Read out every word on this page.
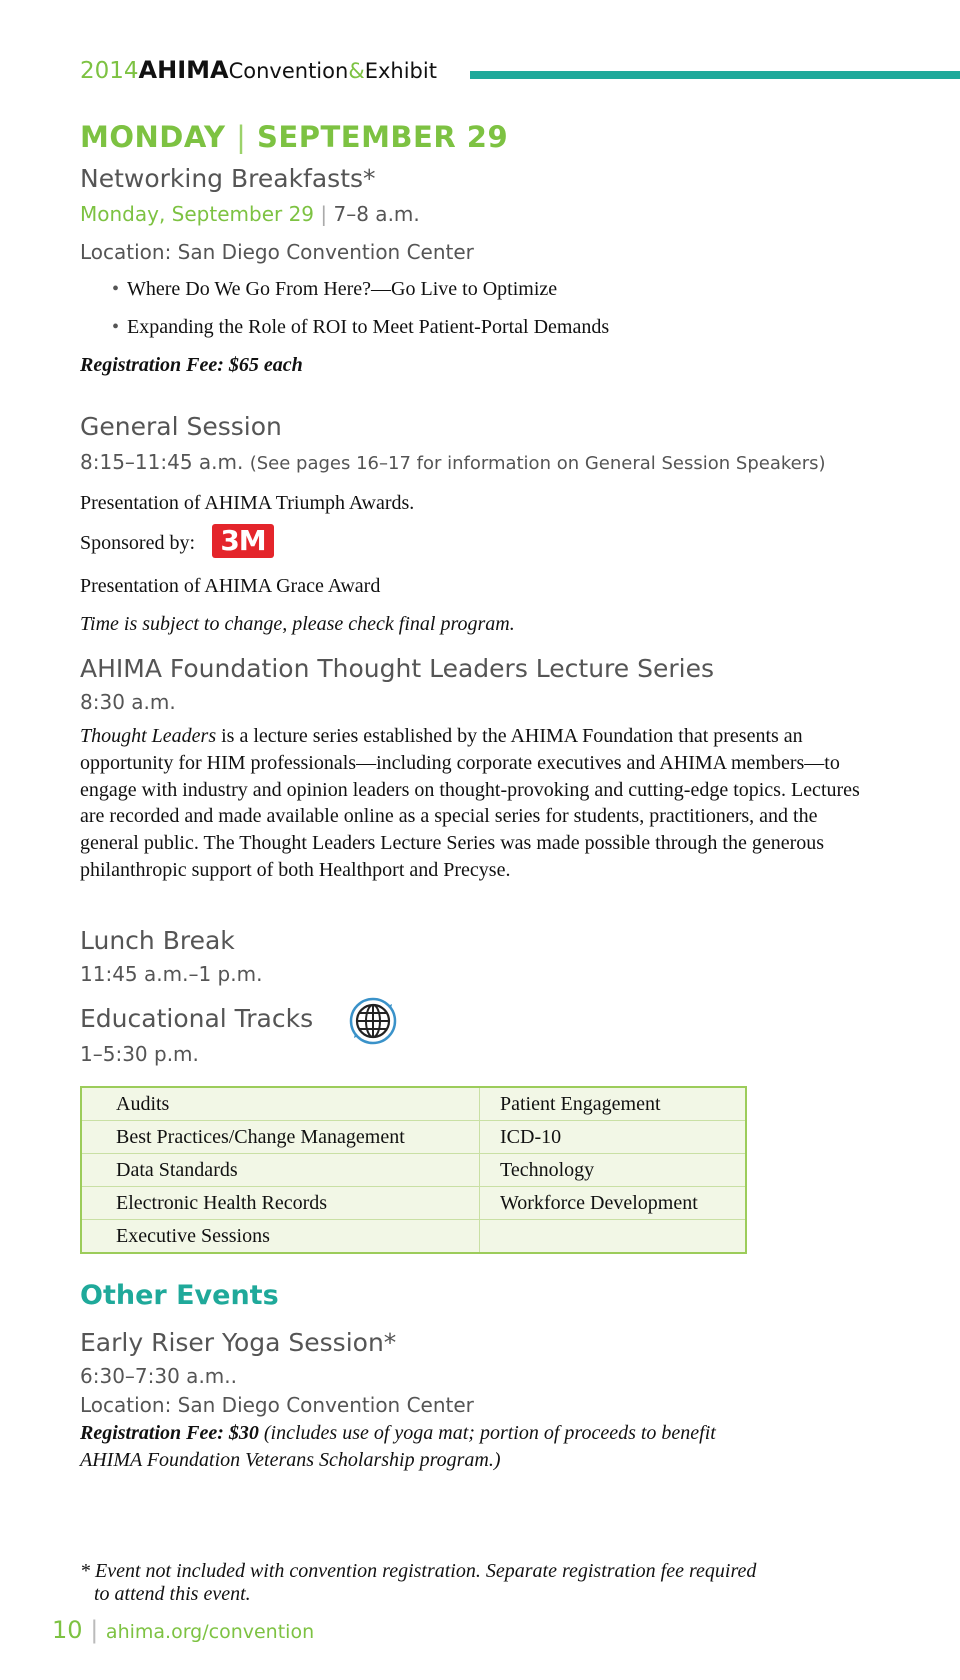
2014AHIMAConvention&Exhibit
MONDAY | SEPTEMBER 29
Networking Breakfasts*
Monday, September 29 | 7–8 a.m.
Location: San Diego Convention Center
• Where Do We Go From Here?—Go Live to Optimize
• Expanding the Role of ROI to Meet Patient-Portal Demands
Registration Fee: $65 each
General Session
8:15–11:45 a.m. (See pages 16–17 for information on General Session Speakers)
Presentation of AHIMA Triumph Awards.
Sponsored by: 3M
Presentation of AHIMA Grace Award
Time is subject to change, please check final program.
AHIMA Foundation Thought Leaders Lecture Series
8:30 a.m.
Thought Leaders is a lecture series established by the AHIMA Foundation that presents an opportunity for HIM professionals—including corporate executives and AHIMA members—to engage with industry and opinion leaders on thought-provoking and cutting-edge topics. Lectures are recorded and made available online as a special series for students, practitioners, and the general public. The Thought Leaders Lecture Series was made possible through the generous philanthropic support of both Healthport and Precyse.
Lunch Break
11:45 a.m.–1 p.m.
Educational Tracks
1–5:30 p.m.
Audits	Patient Engagement
Best Practices/Change Management	ICD-10
Data Standards	Technology
Electronic Health Records	Workforce Development
Executive Sessions	
Other Events
Early Riser Yoga Session*
6:30–7:30 a.m..
Location: San Diego Convention Center
Registration Fee: $30 (includes use of yoga mat; portion of proceeds to benefit
AHIMA Foundation Veterans Scholarship program.)
* Event not included with convention registration. Separate registration fee required
to attend this event.
10 | ahima.org/convention
